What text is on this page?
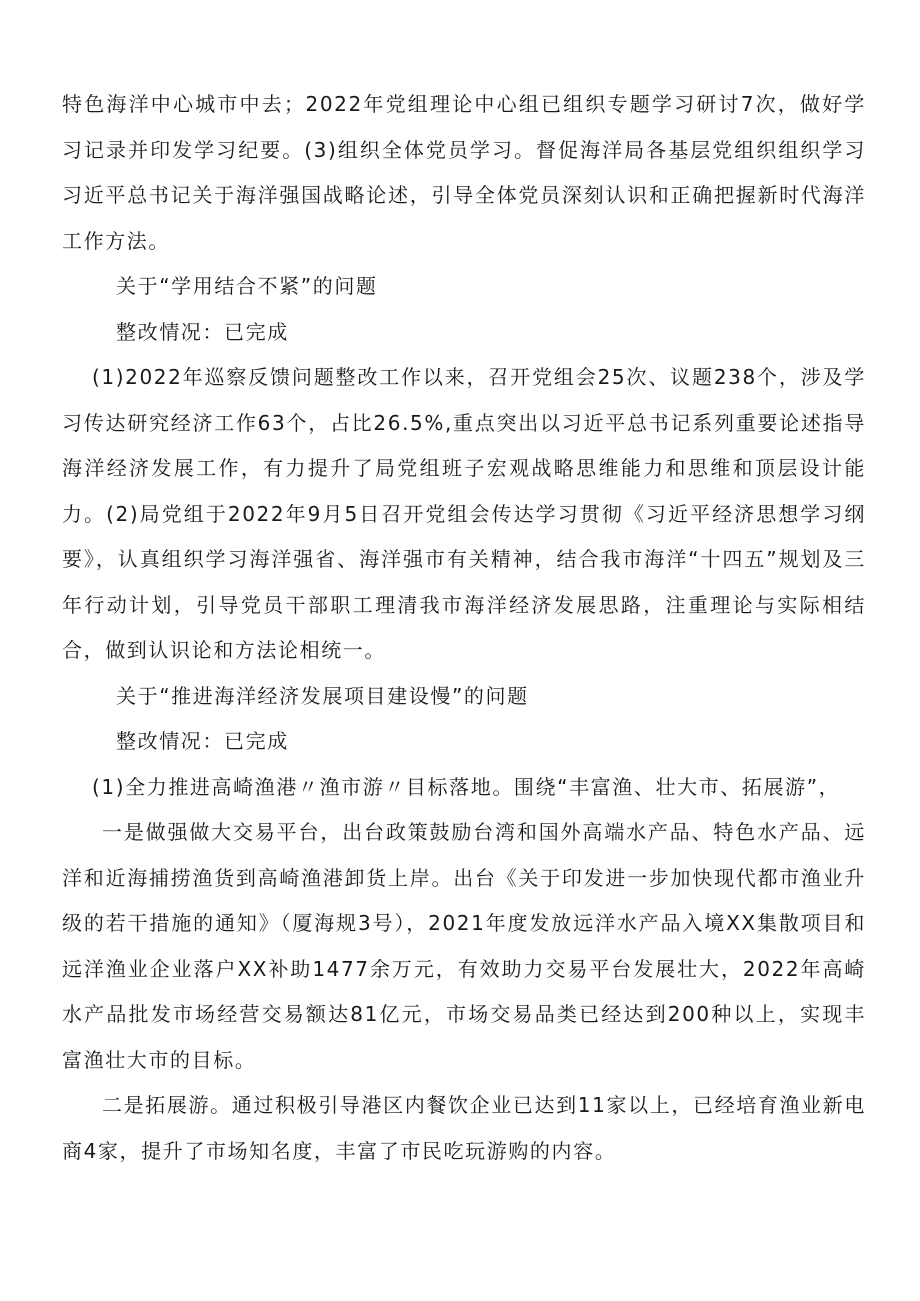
特色海洋中心城市中去；2022年党组理论中心组已组织专题学习研讨7次，做好学习记录并印发学习纪要。(3)组织全体党员学习。督促海洋局各基层党组织组织学习习近平总书记关于海洋强国战略论述，引导全体党员深刻认识和正确把握新时代海洋工作方法。

关于“学用结合不紧”的问题

整改情况：已完成

(1)2022年巡察反馈问题整改工作以来，召开党组会25次、议题238个，涉及学习传达研究经济工作63个，占比26.5%,重点突出以习近平总书记系列重要论述指导海洋经济发展工作，有力提升了局党组班子宏观战略思维能力和思维和顶层设计能力。(2)局党组于2022年9月5日召开党组会传达学习贯彻《习近平经济思想学习纲要》，认真组织学习海洋强省、海洋强市有关精神，结合我市海洋“十四五”规划及三年行动计划，引导党员干部职工理清我市海洋经济发展思路，注重理论与实际相结合，做到认识论和方法论相统一。

关于“推进海洋经济发展项目建设慢”的问题

整改情况：已完成

(1)全力推进高崎渔港〃渔市游〃目标落地。围绕“丰富渔、壮大市、拓展游”，

一是做强做大交易平台，出台政策鼓励台湾和国外高端水产品、特色水产品、远洋和近海捕捞渔货到高崎渔港卸货上岸。出台《关于印发进一步加快现代都市渔业升级的若干措施的通知》（厦海规3号），2021年度发放远洋水产品入境XX集散项目和远洋渔业企业落户XX补助1477余万元，有效助力交易平台发展壮大，2022年高崎水产品批发市场经营交易额达81亿元，市场交易品类已经达到200种以上，实现丰富渔壮大市的目标。

二是拓展游。通过积极引导港区内餐饮企业已达到11家以上，已经培育渔业新电商4家，提升了市场知名度，丰富了市民吃玩游购的内容。
